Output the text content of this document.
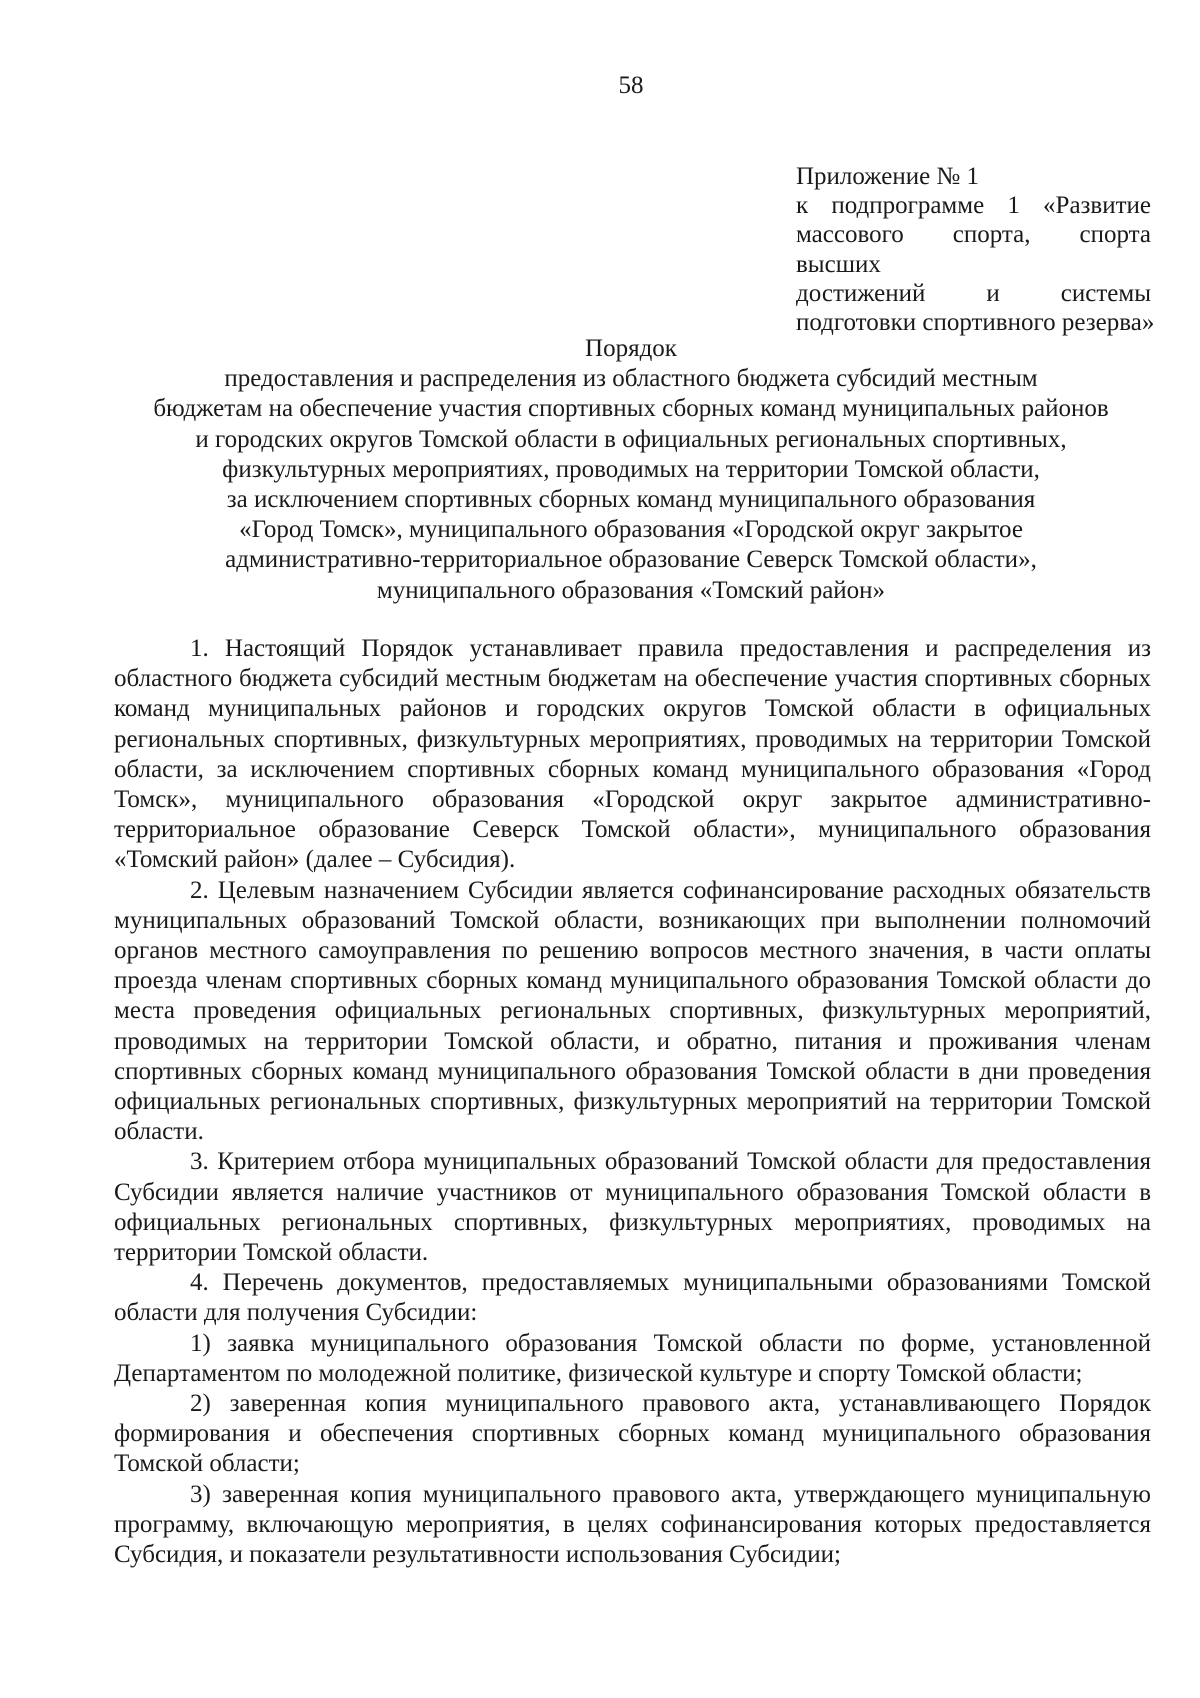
58
Приложение № 1
к подпрограмме 1 «Развитие
массового спорта, спорта высших
достижений и системы
подготовки спортивного резерва»
Порядок
предоставления и распределения из областного бюджета субсидий местным
бюджетам на обеспечение участия спортивных сборных команд муниципальных районов
и городских округов Томской области в официальных региональных спортивных,
физкультурных мероприятиях, проводимых на территории Томской области,
за исключением спортивных сборных команд муниципального образования
«Город Томск», муниципального образования «Городской округ закрытое
административно-территориальное образование Северск Томской области»,
муниципального образования «Томский район»

1. Настоящий Порядок устанавливает правила предоставления и распределения из областного бюджета субсидий местным бюджетам на обеспечение участия спортивных сборных команд муниципальных районов и городских округов Томской области в официальных региональных спортивных, физкультурных мероприятиях, проводимых на территории Томской области, за исключением спортивных сборных команд муниципального образования «Город Томск», муниципального образования «Городской округ закрытое административно-территориальное образование Северск Томской области», муниципального образования «Томский район» (далее – Субсидия).

2. Целевым назначением Субсидии является софинансирование расходных обязательств муниципальных образований Томской области, возникающих при выполнении полномочий органов местного самоуправления по решению вопросов местного значения, в части оплаты проезда членам спортивных сборных команд муниципального образования Томской области до места проведения официальных региональных спортивных, физкультурных мероприятий, проводимых на территории Томской области, и обратно, питания и проживания членам спортивных сборных команд муниципального образования Томской области в дни проведения официальных региональных спортивных, физкультурных мероприятий на территории Томской области.

3. Критерием отбора муниципальных образований Томской области для предоставления Субсидии является наличие участников от муниципального образования Томской области в официальных региональных спортивных, физкультурных мероприятиях, проводимых на территории Томской области.

4. Перечень документов, предоставляемых муниципальными образованиями Томской области для получения Субсидии:

1) заявка муниципального образования Томской области по форме, установленной Департаментом по молодежной политике, физической культуре и спорту Томской области;

2) заверенная копия муниципального правового акта, устанавливающего Порядок формирования и обеспечения спортивных сборных команд муниципального образования Томской области;

3) заверенная копия муниципального правового акта, утверждающего муниципальную программу, включающую мероприятия, в целях софинансирования которых предоставляется Субсидия, и показатели результативности использования Субсидии;
